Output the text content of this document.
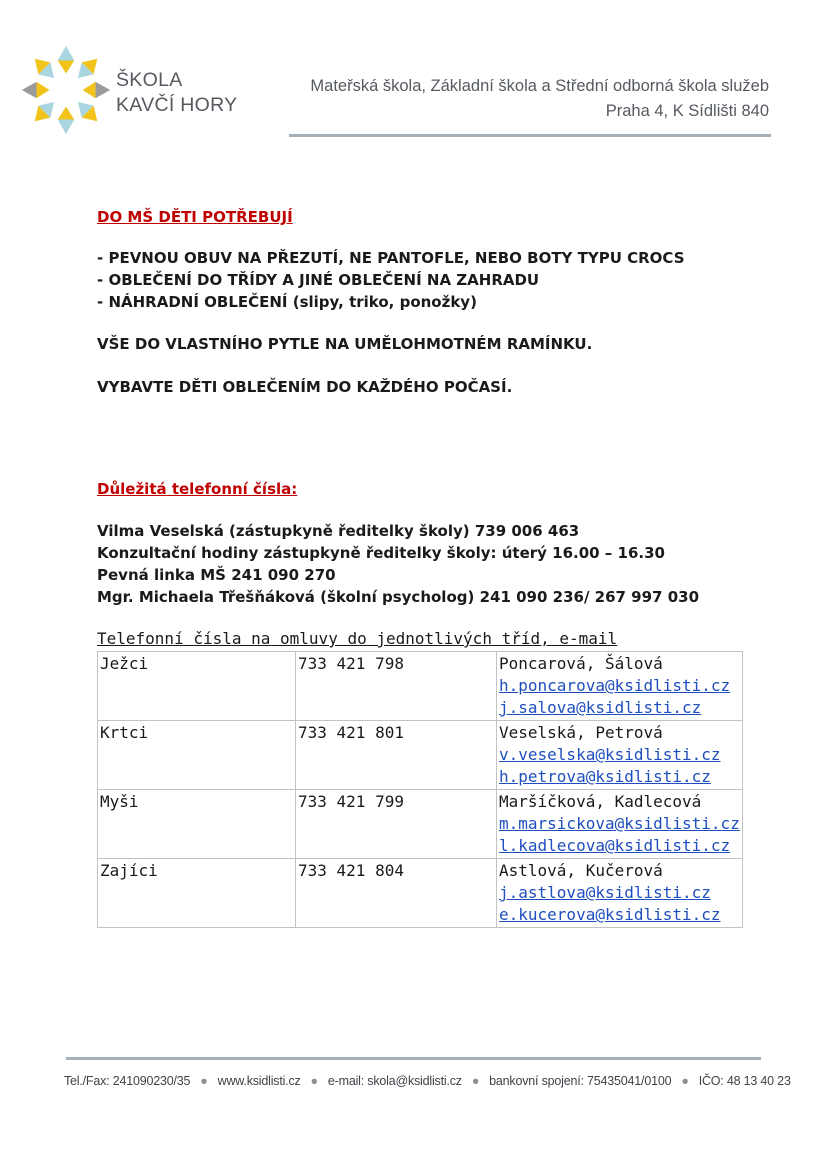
ŠKOLA
KAVČÍ HORY
Mateřská škola, Základní škola a Střední odborná škola služeb
Praha 4, K Sídlišti 840
DO MŠ DĚTI POTŘEBUJÍ
- PEVNOU OBUV NA PŘEZUTÍ, NE PANTOFLE, NEBO BOTY TYPU CROCS
- OBLEČENÍ DO TŘÍDY A JINÉ OBLEČENÍ NA ZAHRADU
- NÁHRADNÍ OBLEČENÍ (slipy, triko, ponožky)
VŠE DO VLASTNÍHO PYTLE NA UMĚLOHMOTNÉM RAMÍNKU.
VYBAVTE DĚTI OBLEČENÍM DO KAŽDÉHO POČASÍ.
Důležitá telefonní čísla:
Vilma Veselská (zástupkyně ředitelky školy) 739 006 463
Konzultační hodiny zástupkyně ředitelky školy: úterý 16.00 – 16.30
Pevná linka MŠ 241 090 270
Mgr. Michaela Třešňáková (školní psycholog) 241 090 236/ 267 997 030
Telefonní čísla na omluvy do jednotlivých tříd, e-mail
Ježci	733 421 798	Poncarová, Šálová
h.poncarova@ksidlisti.cz
j.salova@ksidlisti.cz

Krtci	733 421 801	Veselská, Petrová
v.veselska@ksidlisti.cz
h.petrova@ksidlisti.cz

Myši	733 421 799	Maršíčková, Kadlecová
m.marsickova@ksidlisti.cz
l.kadlecova@ksidlisti.cz

Zajíci	733 421 804	Astlová, Kučerová
j.astlova@ksidlisti.cz
e.kucerova@ksidlisti.cz
Tel./Fax: 241090230/35 ● www.ksidlisti.cz ● e-mail: skola@ksidlisti.cz ● bankovní spojení: 75435041/0100 ● IČO: 48 13 40 23
